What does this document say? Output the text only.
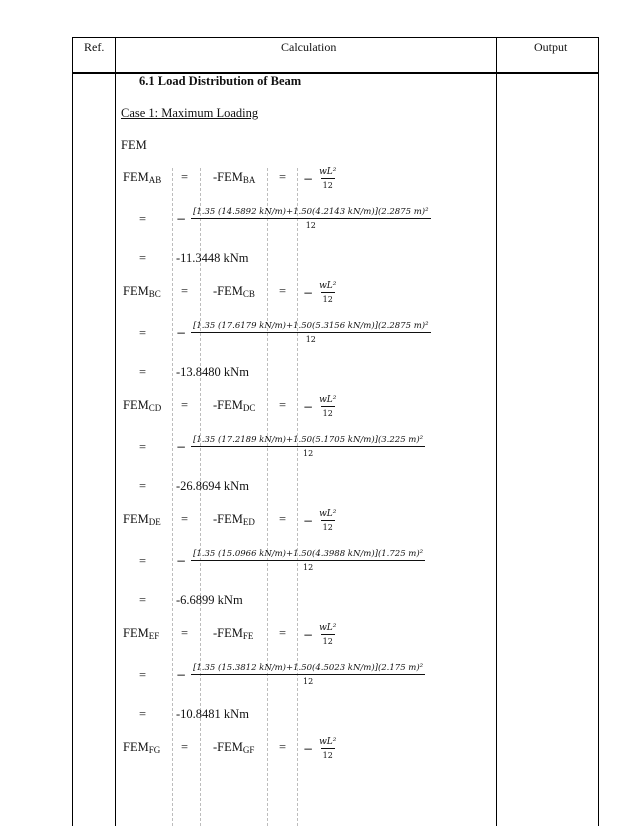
Ref.	Calculation	Output
6.1 Load Distribution of Beam
Case 1: Maximum Loading
FEM
$FEM_{AB} = -FEM_{BA}$ = − $\frac{\text{wL²}}{12}$
= − $\frac{\text{[1.35 (14.5892 kN/m)+1.50(4.2143 kN/m)](2.2875 m)²}}{12}$
= -11.3448 kNm
$FEM_{BC} = -FEM_{CB}$ = − $\frac{\text{wL²}}{12}$
= − $\frac{\text{[1.35 (17.6179 kN/m)+1.50(5.3156 kN/m)](2.2875 m)²}}{12}$
= -13.8480 kNm
$FEM_{CD} = -FEM_{DC}$ = − $\frac{\text{wL²}}{12}$
= − $\frac{\text{[1.35 (17.2189 kN/m)+1.50(5.1705 kN/m)](3.225 m)²}}{12}$
= -26.8694 kNm
$FEM_{DE} = -FEM_{ED}$ = − $\frac{\text{wL²}}{12}$
= − $\frac{\text{[1.35 (15.0966 kN/m)+1.50(4.3988 kN/m)](1.725 m)²}}{12}$
= -6.6899 kNm
$FEM_{EF} = -FEM_{FE}$ = − $\frac{\text{wL²}}{12}$
= − $\frac{\text{[1.35 (15.3812 kN/m)+1.50(4.5023 kN/m)](2.175 m)²}}{12}$
= -10.8481 kNm
$FEM_{FG} = -FEM_{GF}$ = − $\frac{\text{wL²}}{12}$
